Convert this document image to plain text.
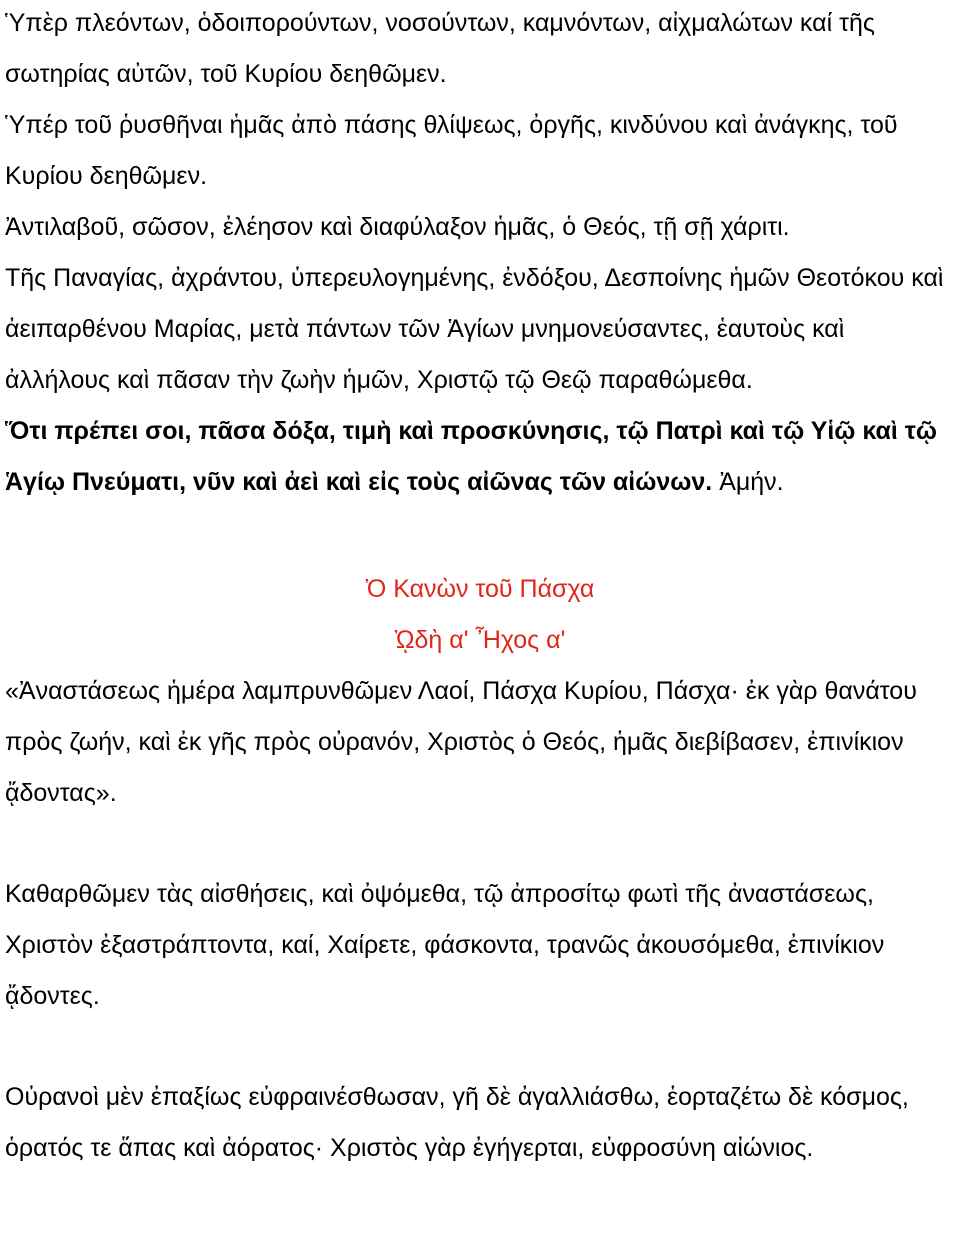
Ὑπὲρ πλεόντων, ὁδοιπορούντων, νοσούντων, καμνόντων, αἰχμαλώτων καί τῆς σωτηρίας αὐτῶν, τοῦ Κυρίου δεηθῶμεν.

Ὑπέρ τοῦ ῥυσθῆναι ἡμᾶς ἀπὸ πάσης θλίψεως, ὀργῆς, κινδύνου καὶ ἀνάγκης, τοῦ Κυρίου δεηθῶμεν.

Ἀντιλαβοῦ, σῶσον, ἐλέησον καὶ διαφύλαξον ἡμᾶς, ὁ Θεός, τῇ σῇ χάριτι.

Τῆς Παναγίας, ἀχράντου, ὑπερευλογημένης, ἐνδόξου, Δεσποίνης ἡμῶν Θεοτόκου καὶ ἀειπαρθένου Μαρίας, μετὰ πάντων τῶν Ἁγίων μνημονεύσαντες, ἑαυτοὺς καὶ ἀλλήλους καὶ πᾶσαν τὴν ζωὴν ἡμῶν, Χριστῷ τῷ Θεῷ παραθώμεθα.

Ὅτι πρέπει σοι, πᾶσα δόξα, τιμὴ καὶ προσκύνησις, τῷ Πατρὶ καὶ τῷ Υἱῷ καὶ τῷ Ἁγίῳ Πνεύματι, νῦν καὶ ἀεὶ καὶ εἰς τοὺς αἰῶνας τῶν αἰώνων. Ἀμήν.

Ὁ Κανὼν τοῦ Πάσχα

ᾨδὴ α' Ἦχος α'

«Ἀναστάσεως ἡμέρα λαμπρυνθῶμεν Λαοί, Πάσχα Κυρίου, Πάσχα· ἐκ γὰρ θανάτου πρὸς ζωήν, καὶ ἐκ γῆς πρὸς οὐρανόν, Χριστὸς ὁ Θεός, ἡμᾶς διεβίβασεν, ἐπινίκιον ᾄδοντας».

Καθαρθῶμεν τὰς αἰσθήσεις, καὶ ὀψόμεθα, τῷ ἀπροσίτῳ φωτὶ τῆς ἀναστάσεως, Χριστὸν ἐξαστράπτοντα, καί, Χαίρετε, φάσκοντα, τρανῶς ἀκουσόμεθα, ἐπινίκιον ᾄδοντες.

Οὐρανοὶ μὲν ἐπαξίως εὐφραινέσθωσαν, γῆ δὲ ἀγαλλιάσθω, ἑορταζέτω δὲ κόσμος, ὁρατός τε ἅπας καὶ ἀόρατος· Χριστὸς γὰρ ἐγήγερται, εὐφροσύνη αἰώνιος.
